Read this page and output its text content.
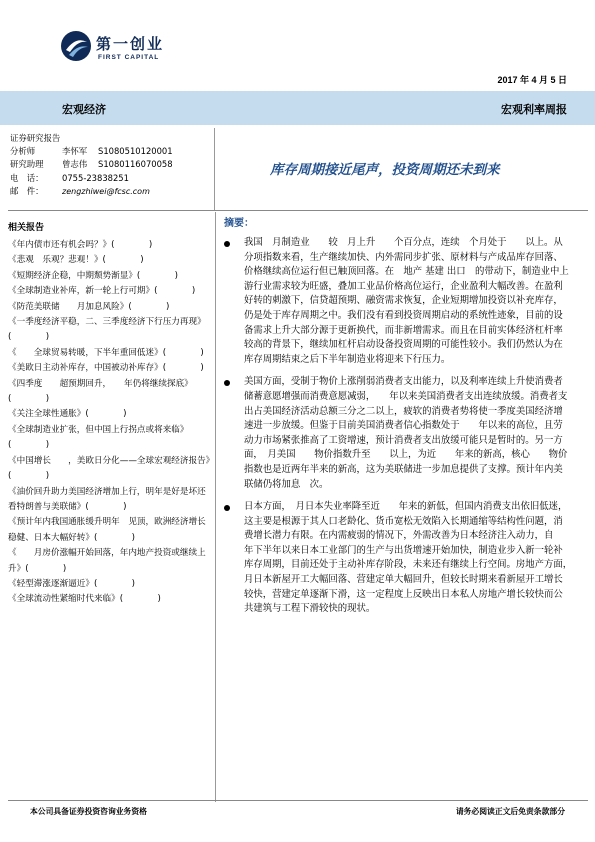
第一创业
FIRST CAPITAL
2017 年 4 月 5 日
宏观经济	宏观利率周报
证券研究报告
分析师	李怀军	S1080510120001
研究助理	曾志伟	S1080116070058
电　话：	0755-23838251
邮　件：	zengzhiwei@fcsc.com
库存周期接近尾声，投资周期还未到来
相关报告
《年内债市还有机会吗？》(　　　　)
《悲观　乐观？悲观！》(　　　　)
《短期经济企稳，中期颓势渐显》(　　　　)
《全球制造业补库，新一轮上行可期》(　　　　)
《防范美联储　　月加息风险》(　　　　)
《一季度经济平稳，二、三季度经济下行压力再现》(　　　　)
《　　全球贸易转暖，下半年重回低迷》(　　　　)
《美欧日主动补库存，中国被动补库存》(　　　　)
《四季度　　超预期回升，　　年仍将继续探底》(　　　　)
《关注全球性通胀》(　　　　)
《全球制造业扩张，但中国上行拐点或将来临》(　　　　)
《中国增长　　，美欧日分化——全球宏观经济报告》(　　　　)
《油价回升助力美国经济增加上行，明年是好是坏还看特朗普与美联储》(　　　　)
《预计年内我国通胀缓升明年　见顶，欧洲经济增长稳健、日本大幅好转》(　　　　)
《　　月房价涨幅开始回落，年内地产投资或继续上升》(　　　　)
《轻型滞涨逐渐逼近》(　　　　)
《全球流动性紧缩时代来临》(　　　　)
摘要：

我国　月制造业　　较　月上升　　个百分点，连续　个月处于　　以上。从分项指数来看，生产继续加快、内外需同步扩张、原材料与产成品库存回落、价格继续高位运行但已触顶回落。在　地产 基建 出口　的带动下，制造业中上游行业需求较为旺盛，叠加工业品价格高位运行，企业盈利大幅改善。在盈利好转的刺激下，信贷超预期、融资需求恢复，企业短期增加投资以补充库存，仍是处于库存周期之中。我们没有看到投资周期启动的系统性迹象，目前的设备需求上升大部分源于更新换代，而非新增需求。而且在目前实体经济杠杆率较高的背景下，继续加杠杆启动设备投资周期的可能性较小。我们仍然认为在库存周期结束之后下半年制造业将迎来下行压力。

美国方面，受制于物价上涨削弱消费者支出能力，以及利率连续上升使消费者储蓄意愿增强而消费意愿减弱，　　年以来美国消费者支出连续放缓。消费者支出占美国经济活动总额三分之二以上，疲软的消费者势将使一季度美国经济增速进一步放缓。但鉴于目前美国消费者信心指数处于　　年以来的高位，且劳动力市场紧张推高了工资增速，预计消费者支出放缓可能只是暂时的。另一方面，　月美国　　物价指数升至　　以上，为近　　年来的新高，核心　　物价指数也是近两年半来的新高，这为美联储进一步加息提供了支撑。预计年内美联储仍将加息　次。

日本方面，　月日本失业率降至近　　年来的新低，但国内消费支出依旧低迷，这主要是根源于其人口老龄化、货币宽松无效陷入长期通缩等结构性问题，消费增长潜力有限。在内需疲弱的情况下，外需改善为日本经济注入动力，自　　年下半年以来日本工业部门的生产与出货增速开始加快，制造业步入新一轮补库存周期，目前还处于主动补库存阶段，未来还有继续上行空间。房地产方面，　月日本新屋开工大幅回落、营建定单大幅回升，但较长时期来看新屋开工增长较快，营建定单逐渐下滑，这一定程度上反映出日本私人房地产增长较快而公共建筑与工程下滑较快的现状。

本公司具备证券投资咨询业务资格	请务必阅读正文后免责条款部分
